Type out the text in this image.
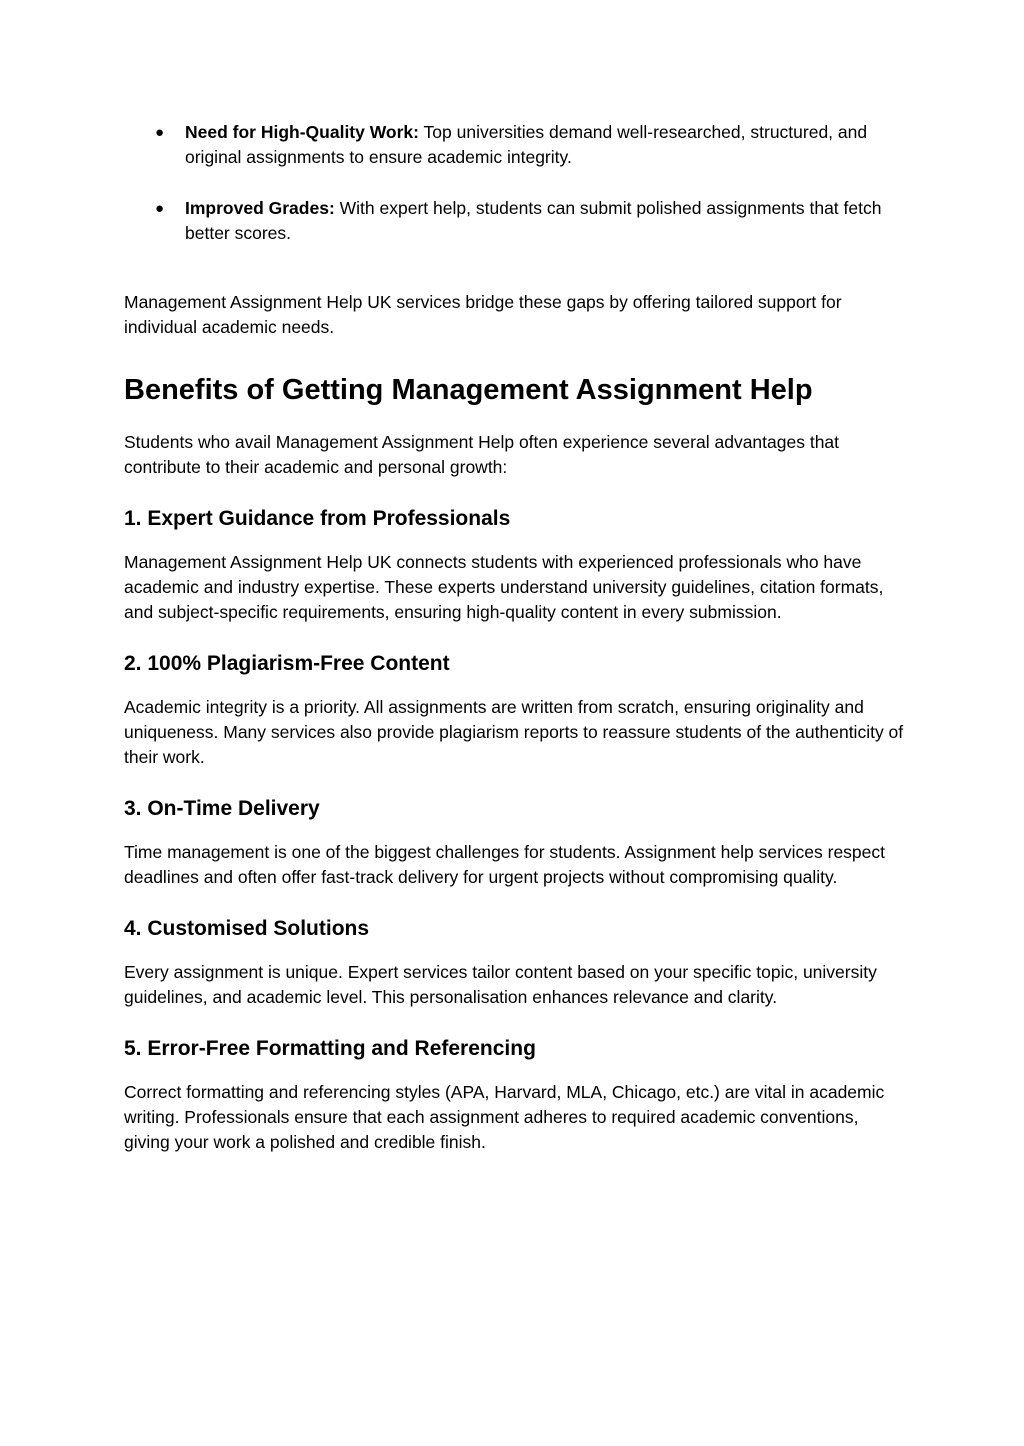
● Need for High-Quality Work: Top universities demand well-researched, structured, and original assignments to ensure academic integrity.
● Improved Grades: With expert help, students can submit polished assignments that fetch better scores.
Management Assignment Help UK services bridge these gaps by offering tailored support for individual academic needs.
Benefits of Getting Management Assignment Help
Students who avail Management Assignment Help often experience several advantages that contribute to their academic and personal growth:
1. Expert Guidance from Professionals
Management Assignment Help UK connects students with experienced professionals who have academic and industry expertise. These experts understand university guidelines, citation formats, and subject-specific requirements, ensuring high-quality content in every submission.
2. 100% Plagiarism-Free Content
Academic integrity is a priority. All assignments are written from scratch, ensuring originality and uniqueness. Many services also provide plagiarism reports to reassure students of the authenticity of their work.
3. On-Time Delivery
Time management is one of the biggest challenges for students. Assignment help services respect deadlines and often offer fast-track delivery for urgent projects without compromising quality.
4. Customised Solutions
Every assignment is unique. Expert services tailor content based on your specific topic, university guidelines, and academic level. This personalisation enhances relevance and clarity.
5. Error-Free Formatting and Referencing
Correct formatting and referencing styles (APA, Harvard, MLA, Chicago, etc.) are vital in academic writing. Professionals ensure that each assignment adheres to required academic conventions, giving your work a polished and credible finish.
